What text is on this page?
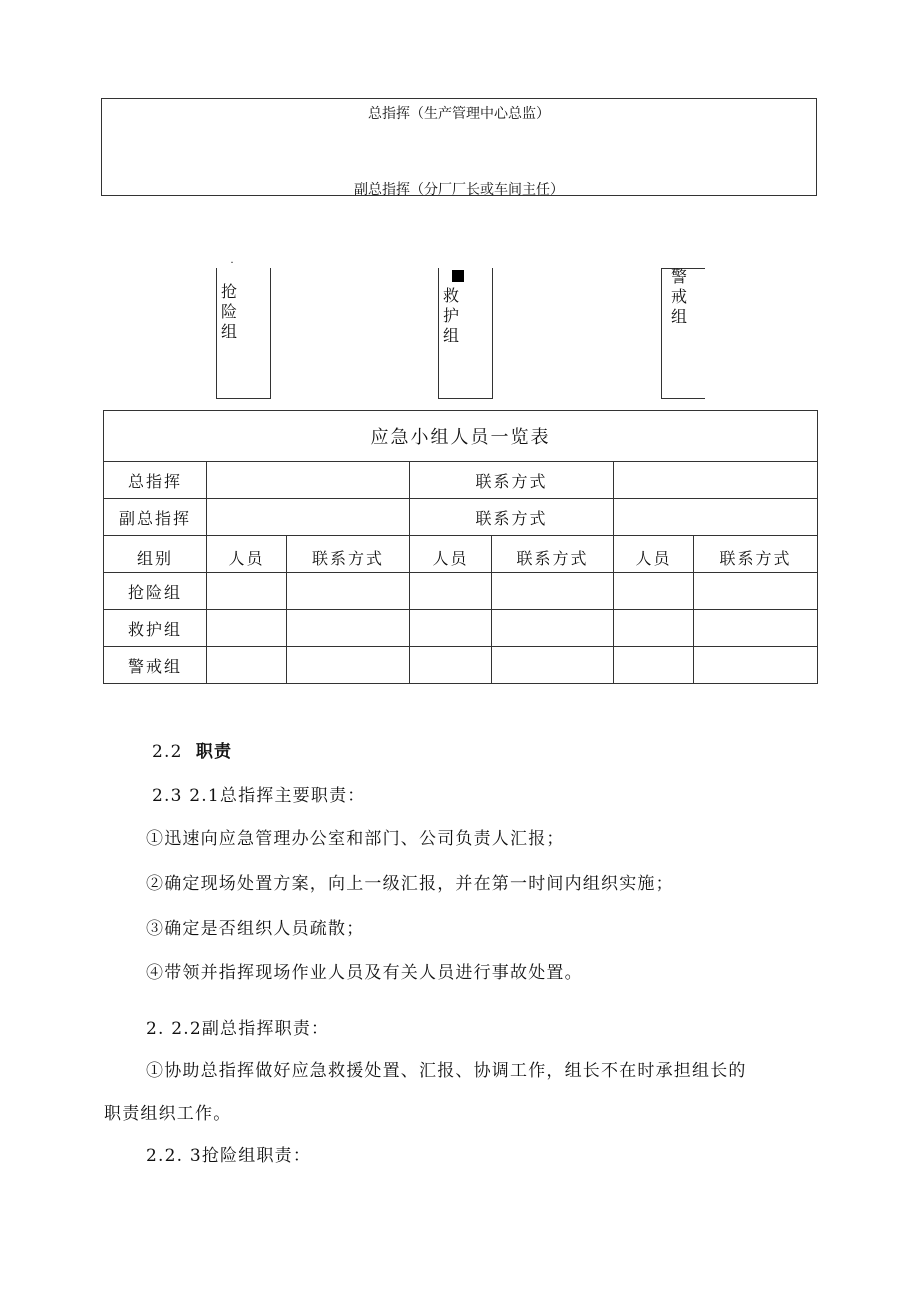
总指挥（生产管理中心总监）
副总指挥（分厂厂长或车间主任）
˙
抢险组
救护组
警戒组
应急小组人员一览表						
总指挥			联系方式			
副总指挥			联系方式			
组别	人员	联系方式	人员	联系方式	人员	联系方式
抢险组						
救护组						
警戒组						
2.2 职责
2.3 2.1总指挥主要职责：
①迅速向应急管理办公室和部门、公司负责人汇报；
②确定现场处置方案，向上一级汇报，并在第一时间内组织实施；
③确定是否组织人员疏散；
④带领并指挥现场作业人员及有关人员进行事故处置。
2. 2.2副总指挥职责：
①协助总指挥做好应急救援处置、汇报、协调工作，组长不在时承担组长的
职责组织工作。
2.2. 3抢险组职责：
